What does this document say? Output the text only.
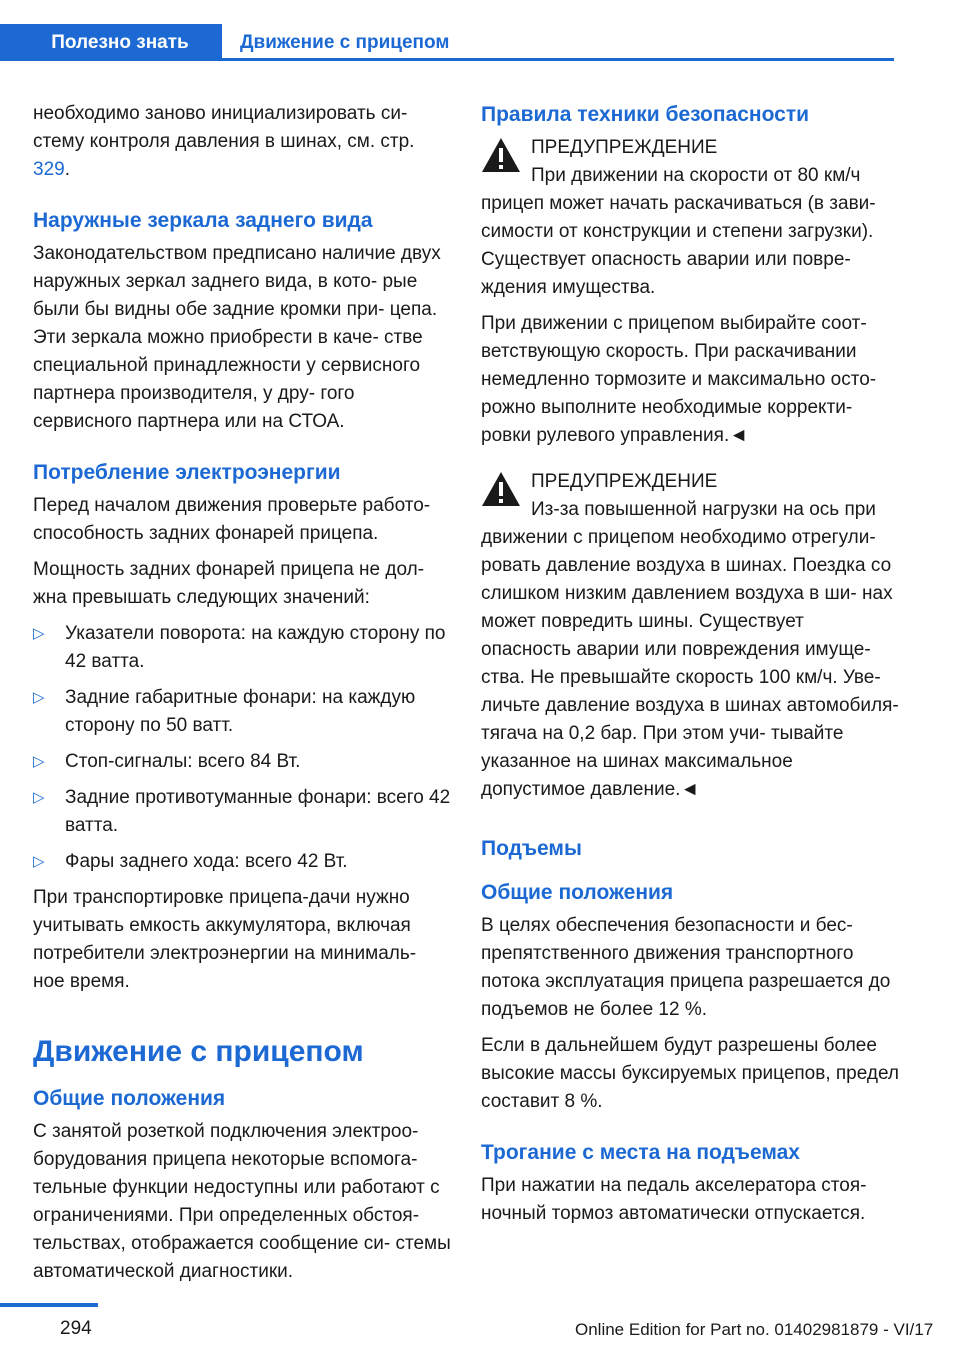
Полезно знать	Движение с прицепом

необходимо заново инициализировать си- стему контроля давления в шинах, см. стр. 329.

Наружные зеркала заднего вида

Законодательством предписано наличие двух наружных зеркал заднего вида, в кото- рые были бы видны обе задние кромки при- цепа. Эти зеркала можно приобрести в каче- стве специальной принадлежности у сервисного партнера производителя, у дру- гого сервисного партнера или на СТОА.

Потребление электроэнергии

Перед началом движения проверьте работо- способность задних фонарей прицепа.

Мощность задних фонарей прицепа не дол- жна превышать следующих значений:

▷ Указатели поворота: на каждую сторону по 42 ватта.
▷ Задние габаритные фонари: на каждую сторону по 50 ватт.
▷ Стоп-сигналы: всего 84 Вт.
▷ Задние противотуманные фонари: всего 42 ватта.
▷ Фары заднего хода: всего 42 Вт.

При транспортировке прицепа-дачи нужно учитывать емкость аккумулятора, включая потребители электроэнергии на минималь- ное время.

Движение с прицепом
Общие положения

С занятой розеткой подключения электроо- борудования прицепа некоторые вспомога- тельные функции недоступны или работают с ограничениями. При определенных обстоя- тельствах, отображается сообщение си- стемы автоматической диагностики.

Правила техники безопасности
ПРЕДУПРЕЖДЕНИЕ
При движении на скорости от 80 км/ч

прицеп может начать раскачиваться (в зави- симости от конструкции и степени загрузки). Существует опасность аварии или повре- ждения имущества.

При движении с прицепом выбирайте соот- ветствующую скорость. При раскачивании немедленно тормозите и максимально осто- рожно выполните необходимые корректи- ровки рулевого управления.◄

ПРЕДУПРЕЖДЕНИЕ
Из-за повышенной нагрузки на ось при

движении с прицепом необходимо отрегули- ровать давление воздуха в шинах. Поездка со слишком низким давлением воздуха в ши- нах может повредить шины. Существует опасность аварии или повреждения имуще- ства. Не превышайте скорость 100 км/ч. Уве- личьте давление воздуха в шинах автомобиля-тягача на 0,2 бар. При этом учи- тывайте указанное на шинах максимальное допустимое давление.◄

Подъемы
Общие положения

В целях обеспечения безопасности и бес- препятственного движения транспортного потока эксплуатация прицепа разрешается до подъемов не более 12 %.

Если в дальнейшем будут разрешены более высокие массы буксируемых прицепов, предел составит 8 %.

Трогание с места на подъемах

При нажатии на педаль акселератора стоя- ночный тормоз автоматически отпускается.

294	Online Edition for Part no. 01402981879 - VI/17
